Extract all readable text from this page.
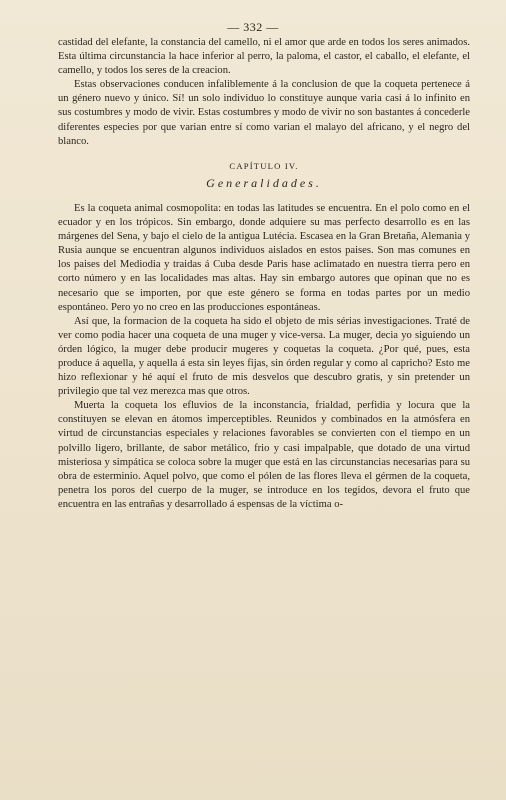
— 332 —

castidad del elefante, la constancia del camello, ni el amor que arde en todos los seres animados. Esta última circunstancia la hace inferior al perro, la paloma, el castor, el caballo, el elefante, el camello, y todos los seres de la creacion.

Estas observaciones conducen infaliblemente á la conclusion de que la coqueta pertenece á un género nuevo y único. Sí! un solo individuo lo constituye aunque varia casi á lo infinito en sus costumbres y modo de vivir. Estas costumbres y modo de vivir no son bastantes á concederle diferentes especies por que varian entre sí como varian el malayo del africano, y el negro del blanco.

CAPÍTULO IV.
Generalidades.

Es la coqueta animal cosmopolita: en todas las latitudes se encuentra. En el polo como en el ecuador y en los trópicos. Sin embargo, donde adquiere su mas perfecto desarrollo es en las márgenes del Sena, y bajo el cielo de la antigua Lutécia. Escasea en la Gran Bretaña, Alemania y Rusia aunque se encuentran algunos individuos aislados en estos paises. Son mas comunes en los paises del Mediodia y traidas á Cuba desde Paris hase aclimatado en nuestra tierra pero en corto número y en las localidades mas altas. Hay sin embargo autores que opinan que no es necesario que se importen, por que este género se forma en todas partes por un medio espontáneo. Pero yo no creo en las producciones espontáneas.

Así que, la formacion de la coqueta ha sido el objeto de mis sérias investigaciones. Traté de ver como podia hacer una coqueta de una muger y vice-versa. La muger, decia yo siguiendo un órden lógico, la muger debe producir mugeres y coquetas la coqueta. ¿Por qué, pues, esta produce á aquella, y aquella á esta sin leyes fijas, sin órden regular y como al capricho? Esto me hizo reflexionar y hé aquí el fruto de mis desvelos que descubro gratis, y sin pretender un privilegio que tal vez merezca mas que otros.

Muerta la coqueta los efluvios de la inconstancia, frialdad, perfidia y locura que la constituyen se elevan en átomos imperceptibles. Reunidos y combinados en la atmósfera en virtud de circunstancias especiales y relaciones favorables se convierten con el tiempo en un polvillo ligero, brillante, de sabor metálico, frio y casi impalpable, que dotado de una virtud misteriosa y simpática se coloca sobre la muger que está en las circunstancias necesarias para su obra de esterminio. Aquel polvo, que como el pólen de las flores lleva el gérmen de la coqueta, penetra los poros del cuerpo de la muger, se introduce en los tegidos, devora el fruto que encuentra en las entrañas y desarrollado á espensas de la víctima o-
